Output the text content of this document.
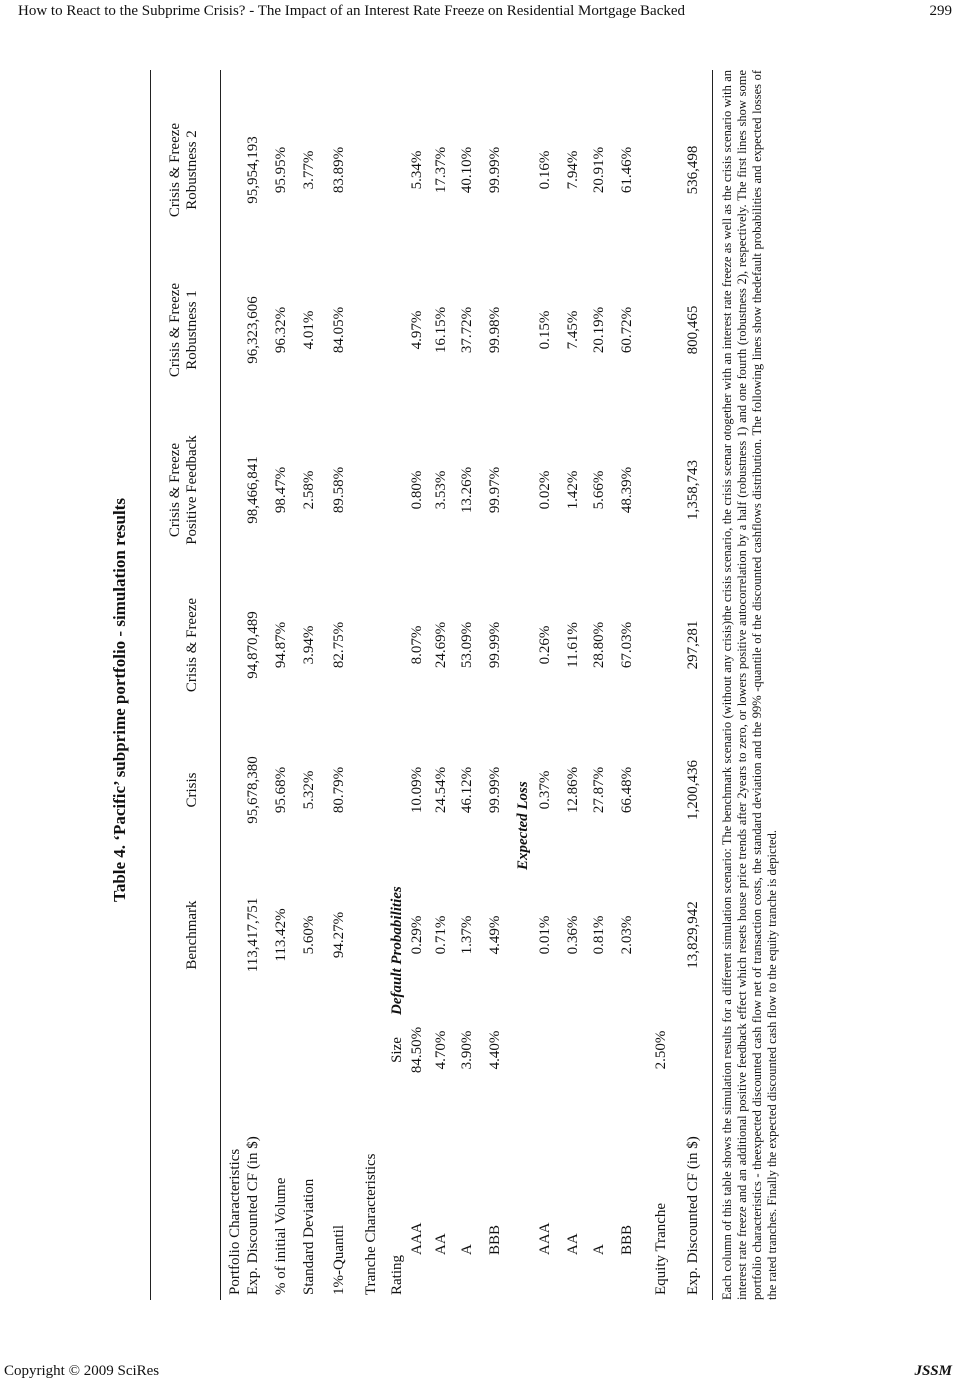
How to React to the Subprime Crisis? - The Impact of an Interest Rate Freeze on Residential Mortgage Backed	299
Table 4. ‘Pacific’ subprime portfolio - simulation results
Benchmark
Crisis
Crisis & Freeze
Crisis & Freeze Positive Feedback
Crisis & Freeze Robustness 1
Crisis & Freeze Robustness 2
Portfolio Characteristics Exp. Discounted CF (in $)
113,417,751
95,678,380
94,870,489
98,466,841
96,323,606
95,954,193
% of initial Volume
113.42%
95.68%
94.87%
98.47%
96.32%
95.95%
Standard Deviation
5.60%
5.32%
3.94%
2.58%
4.01%
3.77%
1%-Quantil
94.27%
80.79%
82.75%
89.58%
84.05%
83.89%
Tranche Characteristics Rating
Size
Default Probabilities
AAA
84.50%
0.29%
10.09%
8.07%
0.80%
4.97%
5.34%
AA
4.70%
0.71%
24.54%
24.69%
3.53%
16.15%
17.37%
A
3.90%
1.37%
46.12%
53.09%
13.26%
37.72%
40.10%
BBB
4.40%
4.49%
99.99%
99.99%
99.97%
99.98%
99.99%
Expected Loss
AAA
0.01%
0.37%
0.26%
0.02%
0.15%
0.16%
AA
0.36%
12.86%
11.61%
1.42%
7.45%
7.94%
A
0.81%
27.87%
28.80%
5.66%
20.19%
20.91%
BBB
2.03%
66.48%
67.03%
48.39%
60.72%
61.46%
Equity Tranche
2.50%
Exp. Discounted CF (in $)
13,829,942
1,200,436
297,281
1,358,743
800,465
536,498 Each column of this table shows the simulation results for a different simulation scenario: The benchmark scenario (without any crisis)the crisis scenario, the crisis scenar otogether with an interest rate freeze as well as the crisis scenario with an interest rate freeze and an additional positive feedback effect which resets house price trends after 2years to zero, or lowers positive autocorrelation by a half (robustness 1) and one fourth (robustness 2), respectively. The first lines show some portfolio characteristics - theexpected discounted cash flow net of transaction costs, the standard deviation and the 99% -quantile of the discounted cashflows distribution. The following lines show thedefault probabilities and expected losses of the rated tranches. Finally the expected discounted cash flow to the equity tranche is depicted.
Copyright © 2009 SciRes	JSSM
